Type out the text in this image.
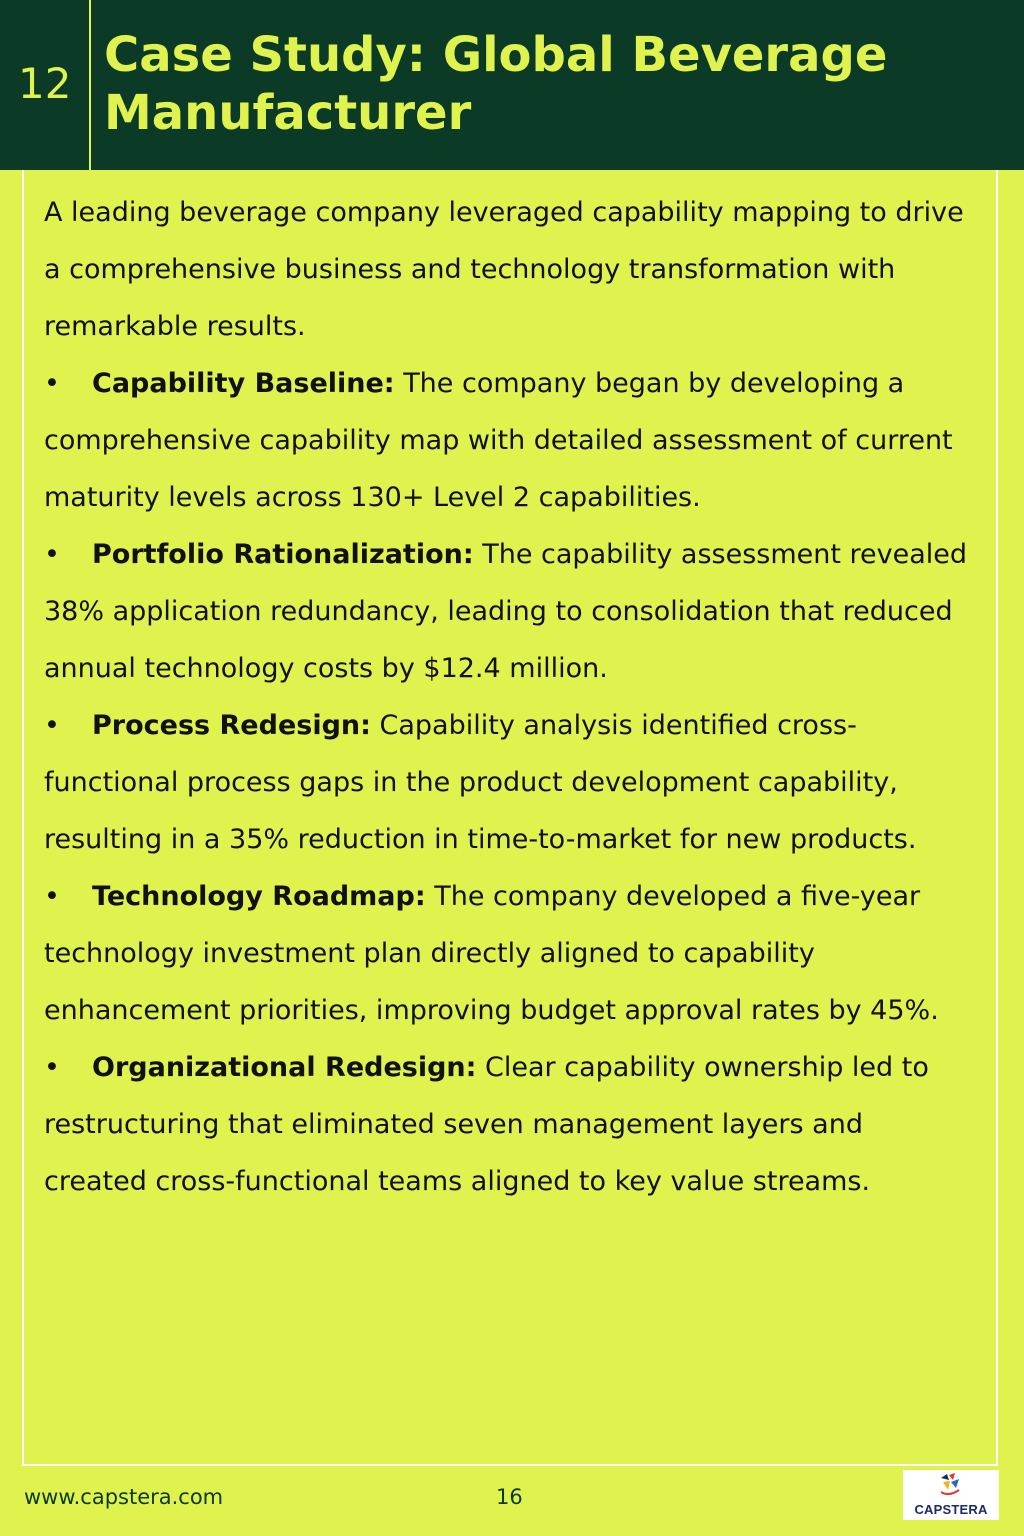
12
Case Study: Global Beverage Manufacturer

A leading beverage company leveraged capability mapping to drive a comprehensive business and technology transformation with remarkable results.

• Capability Baseline: The company began by developing a comprehensive capability map with detailed assessment of current maturity levels across 130+ Level 2 capabilities.

• Portfolio Rationalization: The capability assessment revealed 38% application redundancy, leading to consolidation that reduced annual technology costs by $12.4 million.

• Process Redesign: Capability analysis identified cross-functional process gaps in the product development capability, resulting in a 35% reduction in time-to-market for new products.

• Technology Roadmap: The company developed a five-year technology investment plan directly aligned to capability enhancement priorities, improving budget approval rates by 45%.

• Organizational Redesign: Clear capability ownership led to restructuring that eliminated seven management layers and created cross-functional teams aligned to key value streams.

www.capstera.com	16
CAPSTERA
